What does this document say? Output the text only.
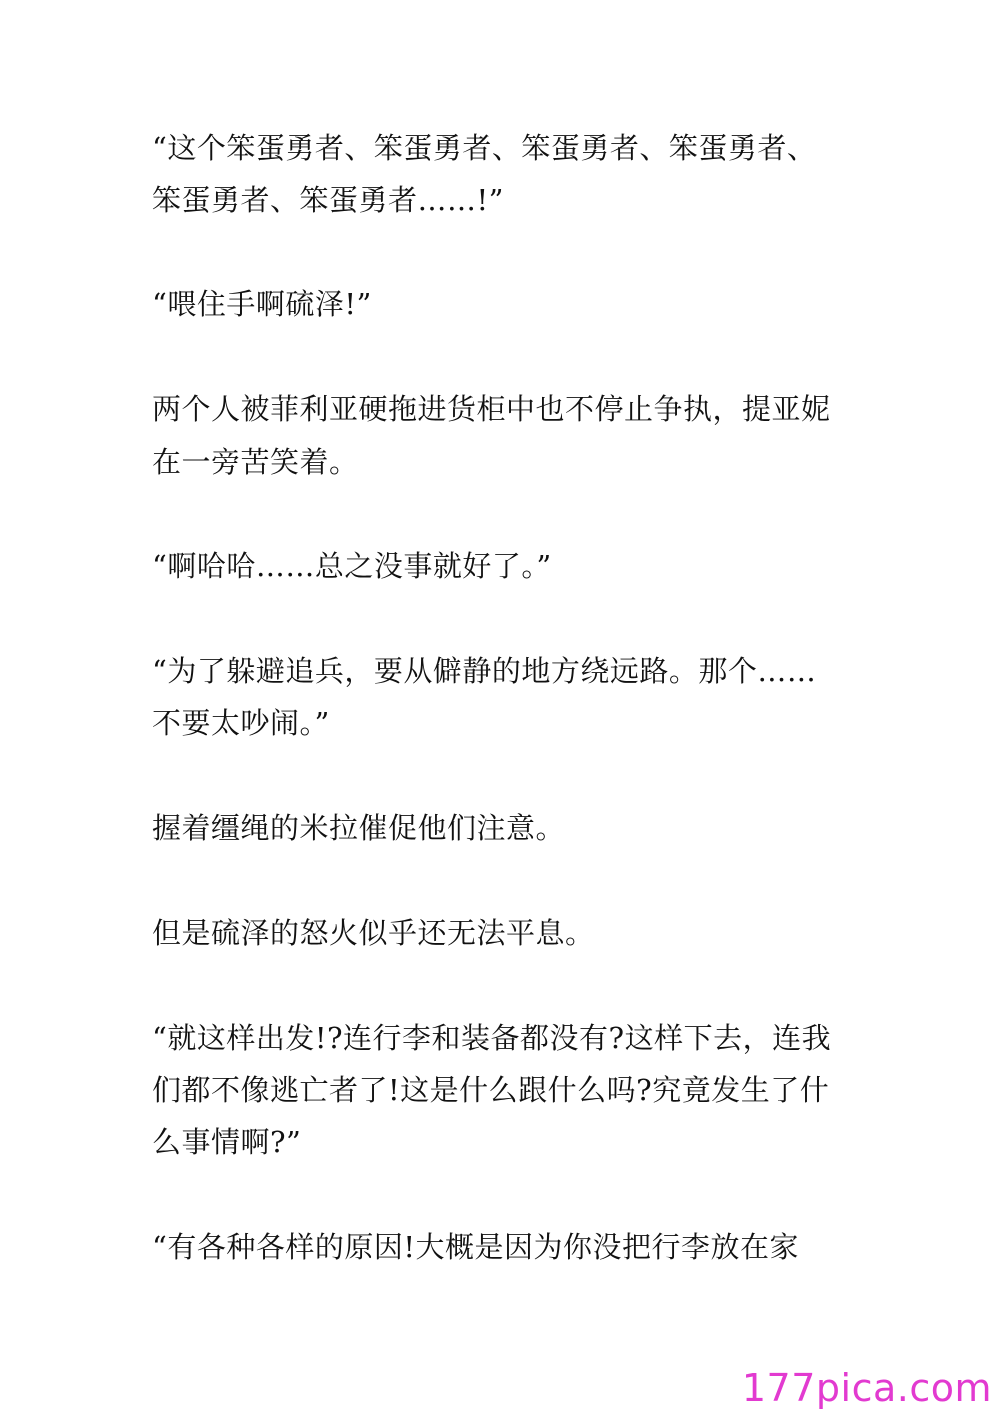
“这个笨蛋勇者、笨蛋勇者、笨蛋勇者、笨蛋勇者、
笨蛋勇者、笨蛋勇者……!”
“喂住手啊硫泽!”
两个人被菲利亚硬拖进货柜中也不停止争执，提亚妮
在一旁苦笑着。
“啊哈哈……总之没事就好了。”
“为了躲避追兵，要从僻静的地方绕远路。那个……
不要太吵闹。”
握着缰绳的米拉催促他们注意。
但是硫泽的怒火似乎还无法平息。
“就这样出发!?连行李和装备都没有?这样下去，连我
们都不像逃亡者了!这是什么跟什么吗?究竟发生了什
么事情啊?”
“有各种各样的原因!大概是因为你没把行李放在家
177pica.com
